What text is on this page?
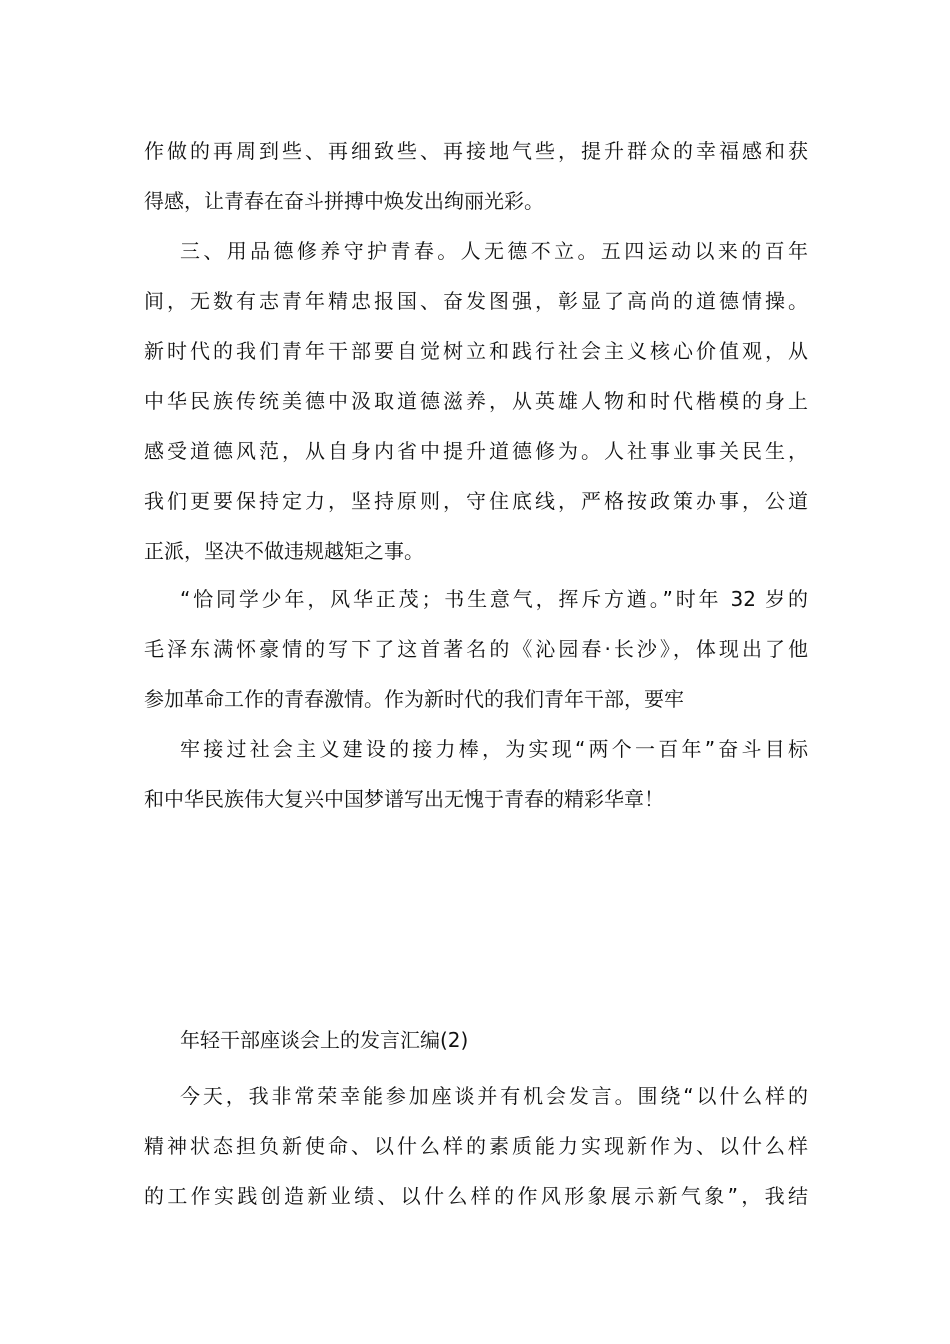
作做的再周到些、再细致些、再接地气些，提升群众的幸福感和获
得感，让青春在奋斗拼搏中焕发出绚丽光彩。
三、用品德修养守护青春。人无德不立。五四运动以来的百年
间，无数有志青年精忠报国、奋发图强，彰显了高尚的道德情操。
新时代的我们青年干部要自觉树立和践行社会主义核心价值观，从
中华民族传统美德中汲取道德滋养，从英雄人物和时代楷模的身上
感受道德风范，从自身内省中提升道德修为。人社事业事关民生，
我们更要保持定力，坚持原则，守住底线，严格按政策办事，公道
正派，坚决不做违规越矩之事。
“恰同学少年，风华正茂；书生意气，挥斥方遒。”时年 32 岁的
毛泽东满怀豪情的写下了这首著名的《沁园春·长沙》，体现出了他
参加革命工作的青春激情。作为新时代的我们青年干部，要牢
牢接过社会主义建设的接力棒，为实现“两个一百年”奋斗目标
和中华民族伟大复兴中国梦谱写出无愧于青春的精彩华章！
年轻干部座谈会上的发言汇编(2)
今天，我非常荣幸能参加座谈并有机会发言。围绕“以什么样的
精神状态担负新使命、以什么样的素质能力实现新作为、以什么样
的工作实践创造新业绩、以什么样的作风形象展示新气象”，我结
